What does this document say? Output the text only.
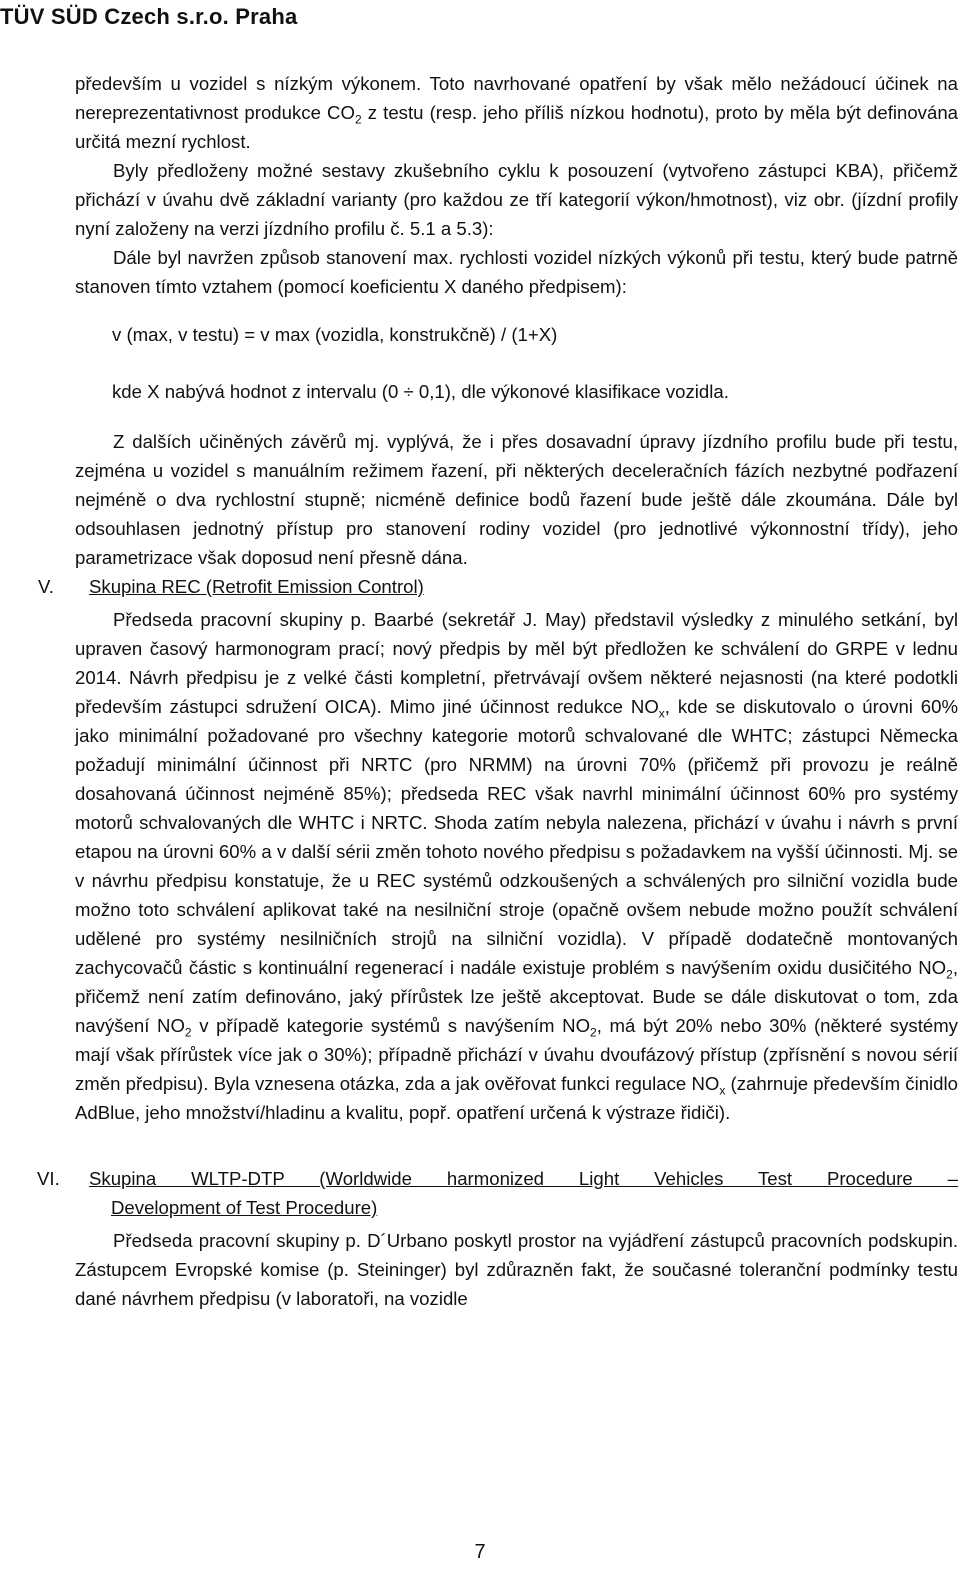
TÜV SÜD Czech s.r.o. Praha

především u vozidel s nízkým výkonem. Toto navrhované opatření by však mělo nežádoucí účinek na nereprezentativnost produkce $CO_2$ z testu (resp. jeho příliš nízkou hodnotu), proto by měla být definována určitá mezní rychlost.

Byly předloženy možné sestavy zkušebního cyklu k posouzení (vytvořeno zástupci KBA), přičemž přichází v úvahu dvě základní varianty (pro každou ze tří kategorií výkon/hmotnost), viz obr. (jízdní profily nyní založeny na verzi jízdního profilu č. 5.1 a 5.3):

Dále byl navržen způsob stanovení max. rychlosti vozidel nízkých výkonů při testu, který bude patrně stanoven tímto vztahem (pomocí koeficientu X daného předpisem):

v (max, v testu) = v max (vozidla, konstrukčně) / (1+X)

kde X nabývá hodnot z intervalu (0 ÷ 0,1), dle výkonové klasifikace vozidla.

Z dalších učiněných závěrů mj. vyplývá, že i přes dosavadní úpravy jízdního profilu bude při testu, zejména u vozidel s manuálním režimem řazení, při některých deceleračních fázích nezbytné podřazení nejméně o dva rychlostní stupně; nicméně definice bodů řazení bude ještě dále zkoumána. Dále byl odsouhlasen jednotný přístup pro stanovení rodiny vozidel (pro jednotlivé výkonnostní třídy), jeho parametrizace však doposud není přesně dána.

V. Skupina REC (Retrofit Emission Control)

Předseda pracovní skupiny p. Baarbé (sekretář J. May) představil výsledky z minulého setkání, byl upraven časový harmonogram prací; nový předpis by měl být předložen ke schválení do GRPE v lednu 2014. Návrh předpisu je z velké části kompletní, přetrvávají ovšem některé nejasnosti (na které podotkli především zástupci sdružení OICA). Mimo jiné účinnost redukce $NO_x$, kde se diskutovalo o úrovni 60% jako minimální požadované pro všechny kategorie motorů schvalované dle WHTC; zástupci Německa požadují minimální účinnost při NRTC (pro NRMM) na úrovni 70% (přičemž při provozu je reálně dosahovaná účinnost nejméně 85%); předseda REC však navrhl minimální účinnost 60% pro systémy motorů schvalovaných dle WHTC i NRTC. Shoda zatím nebyla nalezena, přichází v úvahu i návrh s první etapou na úrovni 60% a v další sérii změn tohoto nového předpisu s požadavkem na vyšší účinnosti. Mj. se v návrhu předpisu konstatuje, že u REC systémů odzkoušených a schválených pro silniční vozidla bude možno toto schválení aplikovat také na nesilniční stroje (opačně ovšem nebude možno použít schválení udělené pro systémy nesilničních strojů na silniční vozidla). V případě dodatečně montovaných zachycovačů částic s kontinuální regenerací i nadále existuje problém s navýšením oxidu dusičitého $NO_2$, přičemž není zatím definováno, jaký přírůstek lze ještě akceptovat. Bude se dále diskutovat o tom, zda navýšení $NO_2$ v případě kategorie systémů s navýšením $NO_2$, má být 20% nebo 30% (některé systémy mají však přírůstek více jak o 30%); případně přichází v úvahu dvoufázový přístup (zpřísnění s novou sérií změn předpisu). Byla vznesena otázka, zda a jak ověřovat funkci regulace $NO_x$ (zahrnuje především činidlo AdBlue, jeho množství/hladinu a kvalitu, popř. opatření určená k výstraze řidiči).

VI. Skupina WLTP-DTP (Worldwide harmonized Light Vehicles Test Procedure –
Development of Test Procedure)

Předseda pracovní skupiny p. D´Urbano poskytl prostor na vyjádření zástupců pracovních podskupin. Zástupcem Evropské komise (p. Steininger) byl zdůrazněn fakt, že současné toleranční podmínky testu dané návrhem předpisu (v laboratoři, na vozidle

7
